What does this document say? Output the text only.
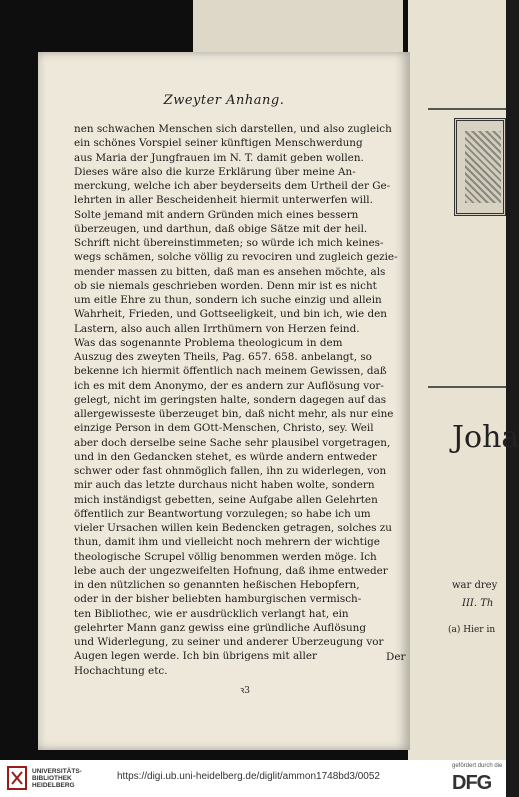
Joha
war drey
III. Th
(a) Hier in
Zweyter Anhang.
nen schwachen Menschen sich darstellen, und also zugleich
ein schönes Vorspiel seiner künftigen Menschwerdung
aus Maria der Jungfrauen im N. T. damit geben wollen.
Dieses wäre also die kurze Erklärung über meine An-
merckung, welche ich aber beyderseits dem Urtheil der Ge-
lehrten in aller Bescheidenheit hiermit unterwerfen will.
Solte jemand mit andern Gründen mich eines bessern
überzeugen, und darthun, daß obige Sätze mit der heil.
Schrift nicht übereinstimmeten; so würde ich mich keines-
wegs schämen, solche völlig zu revociren und zugleich gezie-
mender massen zu bitten, daß man es ansehen möchte, als
ob sie niemals geschrieben worden. Denn mir ist es nicht
um eitle Ehre zu thun, sondern ich suche einzig und allein
Wahrheit, Frieden, und Gottseeligkeit, und bin ich, wie den
Lastern, also auch allen Irrthümern von Herzen feind.
Was das sogenannte Problema theologicum in dem
Auszug des zweyten Theils, Pag. 657. 658. anbelangt, so
bekenne ich hiermit öffentlich nach meinem Gewissen, daß
ich es mit dem Anonymo, der es andern zur Auflösung vor-
gelegt, nicht im geringsten halte, sondern dagegen auf das
allergewisseste überzeuget bin, daß nicht mehr, als nur eine
einzige Person in dem GOtt-Menschen, Christo, sey. Weil
aber doch derselbe seine Sache sehr plausibel vorgetragen,
und in den Gedancken stehet, es würde andern entweder
schwer oder fast ohnmöglich fallen, ihn zu widerlegen, von
mir auch das letzte durchaus nicht haben wolte, sondern
mich inständigst gebetten, seine Aufgabe allen Gelehrten
öffentlich zur Beantwortung vorzulegen; so habe ich um
vieler Ursachen willen kein Bedencken getragen, solches zu
thun, damit ihm und vielleicht noch mehrern der wichtige
theologische Scrupel völlig benommen werden möge. Ich
lebe auch der ungezweifelten Hofnung, daß ihme entweder
in den nützlichen so genannten heßischen Hebopfern,
oder in der bisher beliebten hamburgischen vermisch-
ten Bibliothec, wie er ausdrücklich verlangt hat, ein
gelehrter Mann ganz gewiss eine gründliche Auflösung
und Widerlegung, zu seiner und anderer Uberzeugung vor
Augen legen werde. Ich bin übrigens mit aller
Hochachtung etc.
Der
ꝛ3
UNIVERSITÄTS-
BIBLIOTHEK
HEIDELBERG
https://digi.ub.uni-heidelberg.de/diglit/ammon1748bd3/0052
gefördert durch die
DFG
